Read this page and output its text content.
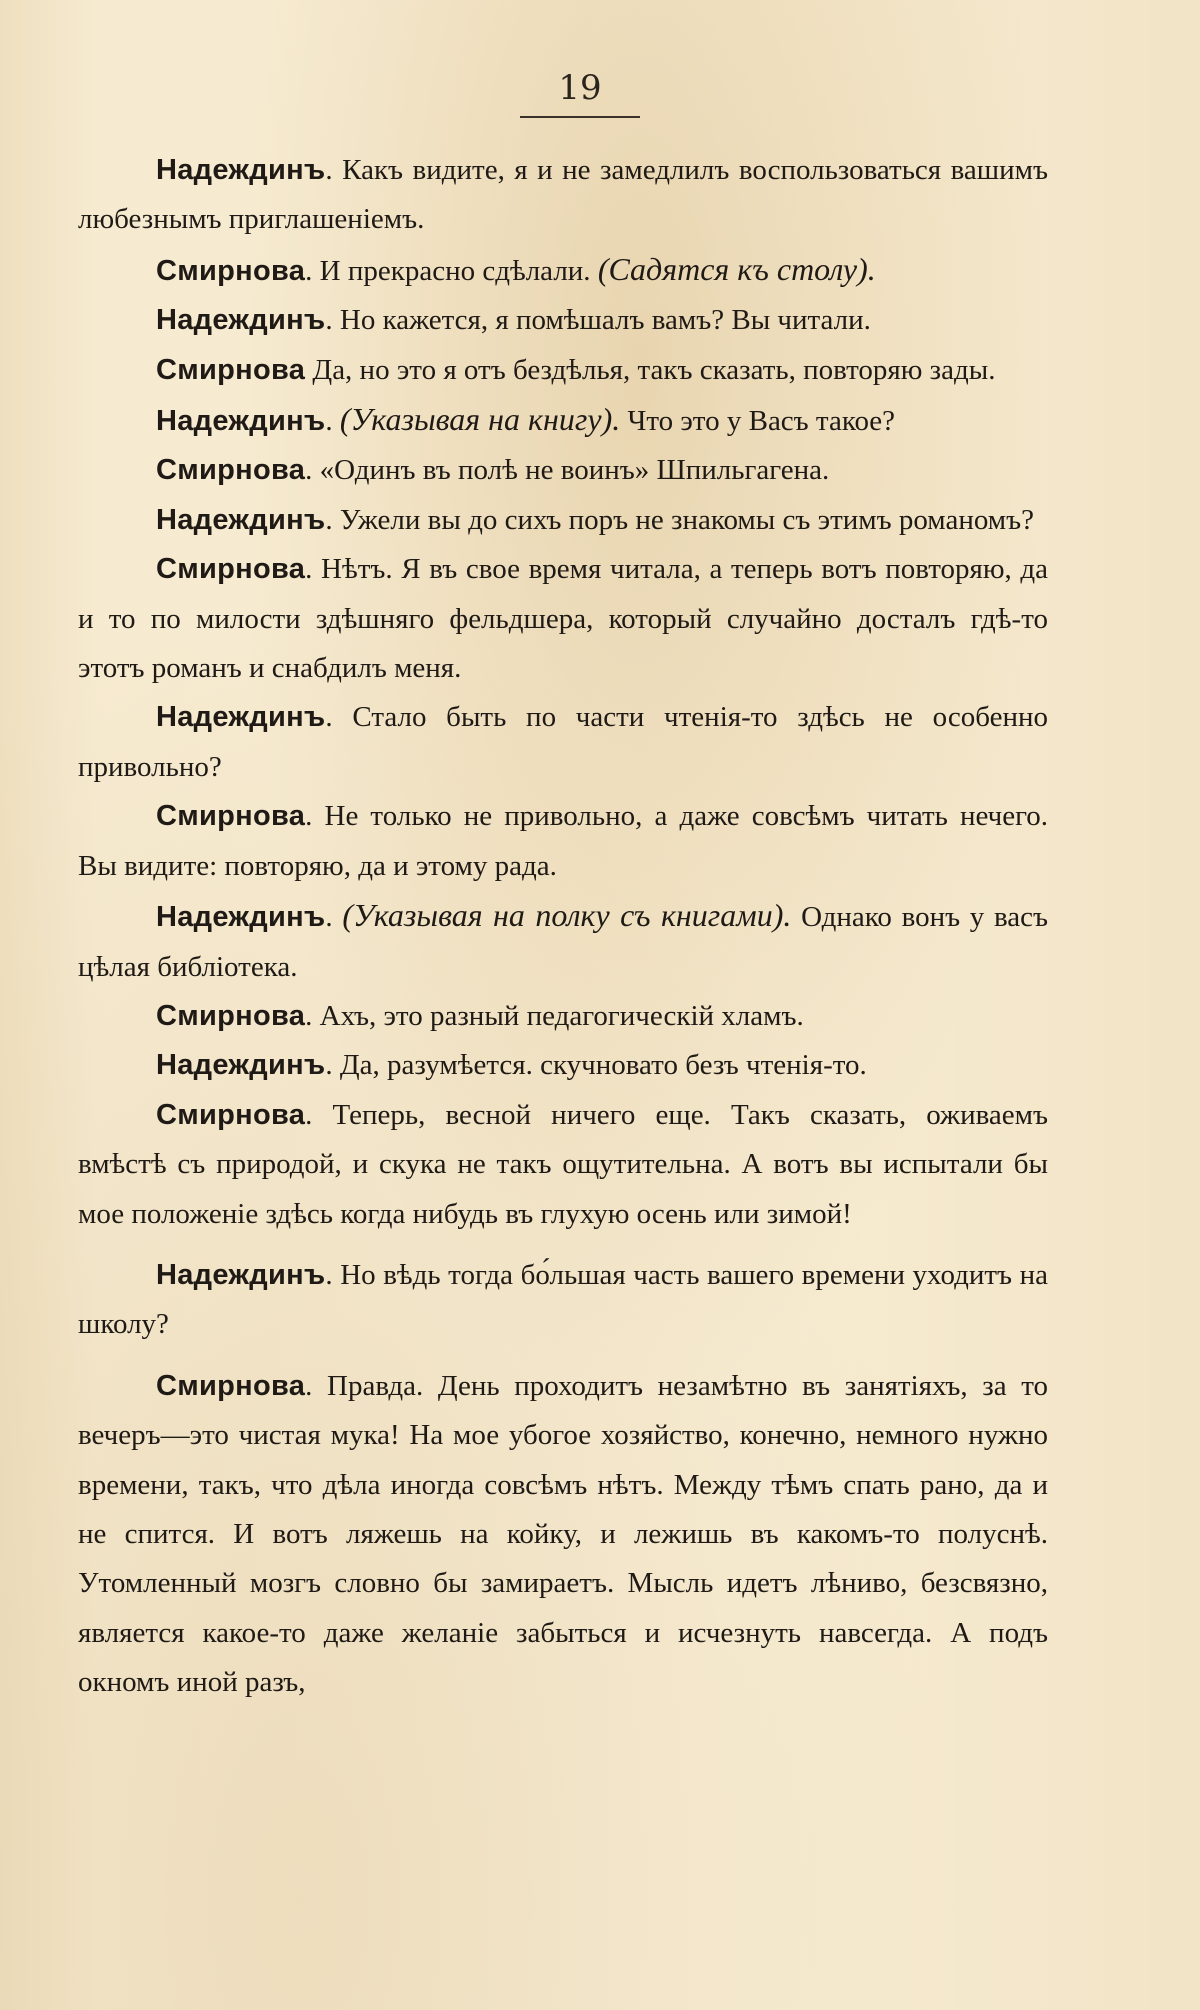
19

Надеждинъ. Какъ видите, я и не замедлилъ воспользоваться вашимъ любезнымъ приглашеніемъ.

Смирнова. И прекрасно сдѣлали. (Садятся къ столу).

Надеждинъ. Но кажется, я помѣшалъ вамъ? Вы читали.

Смирнова Да, но это я отъ бездѣлья, такъ сказать, повторяю зады.

Надеждинъ. (Указывая на книгу). Что это у Васъ такое?

Смирнова. «Одинъ въ полѣ не воинъ» Шпильгагена.

Надеждинъ. Ужели вы до сихъ поръ не знакомы съ этимъ романомъ?

Смирнова. Нѣтъ. Я въ свое время читала, а теперь вотъ повторяю, да и то по милости здѣшняго фельдшера, который случайно досталъ гдѣ-то этотъ романъ и снабдилъ меня.

Надеждинъ. Стало быть по части чтенія-то здѣсь не особенно привольно?

Смирнова. Не только не привольно, а даже совсѣмъ читать нечего. Вы видите: повторяю, да и этому рада.

Надеждинъ. (Указывая на полку съ книгами). Однако вонъ у васъ цѣлая библіотека.

Смирнова. Ахъ, это разный педагогическій хламъ.

Надеждинъ. Да, разумѣется. скучновато безъ чтенія-то.

Смирнова. Теперь, весной ничего еще. Такъ сказать, оживаемъ вмѣстѣ съ природой, и скука не такъ ощутительна. А вотъ вы испытали бы мое положеніе здѣсь когда нибудь въ глухую осень или зимой!

Надеждинъ. Но вѣдь тогда бо́льшая часть вашего времени уходитъ на школу?

Смирнова. Правда. День проходитъ незамѣтно въ занятіяхъ, за то вечеръ—это чистая мука! На мое убогое хозяйство, конечно, немного нужно времени, такъ, что дѣла иногда совсѣмъ нѣтъ. Между тѣмъ спать рано, да и не спится. И вотъ ляжешь на койку, и лежишь въ какомъ-то полуснѣ. Утомленный мозгъ словно бы замираетъ. Мысль идетъ лѣниво, безсвязно, является какое-то даже желаніе забыться и исчезнуть навсегда. А подъ окномъ иной разъ,
